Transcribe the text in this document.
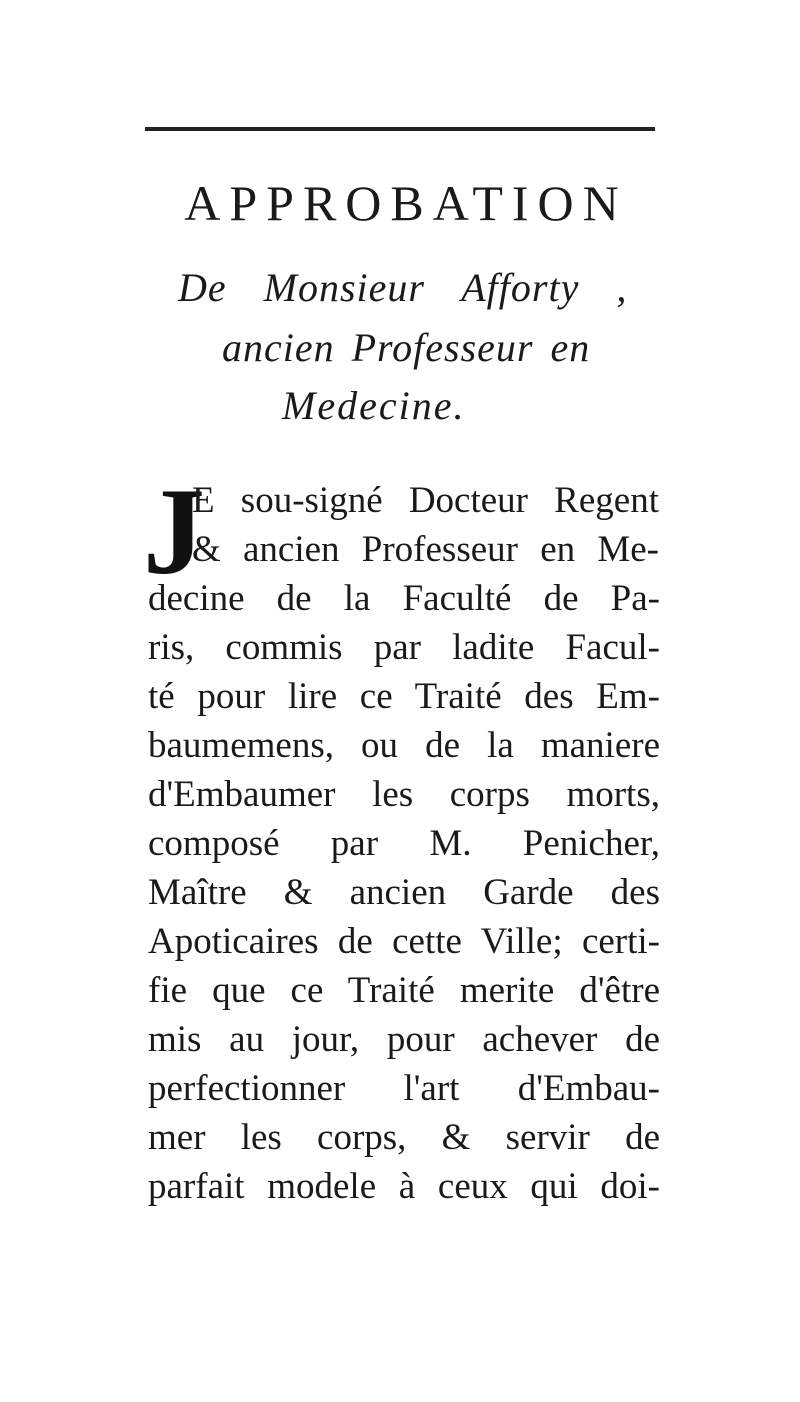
APPROBATION
De Monsieur Afforty ,
ancien Professeur en
Medecine.
J
E sou-signé Docteur Regent
& ancien Professeur en Me-
decine de la Faculté de Pa-
ris, commis par ladite Facul-
té pour lire ce Traité des Em-
baumemens, ou de la maniere
d'Embaumer les corps morts,
composé par M. Penicher,
Maître & ancien Garde des
Apoticaires de cette Ville; certi-
fie que ce Traité merite d'être
mis au jour, pour achever de
perfectionner l'art d'Embau-
mer les corps, & servir de
parfait modele à ceux qui doi-
